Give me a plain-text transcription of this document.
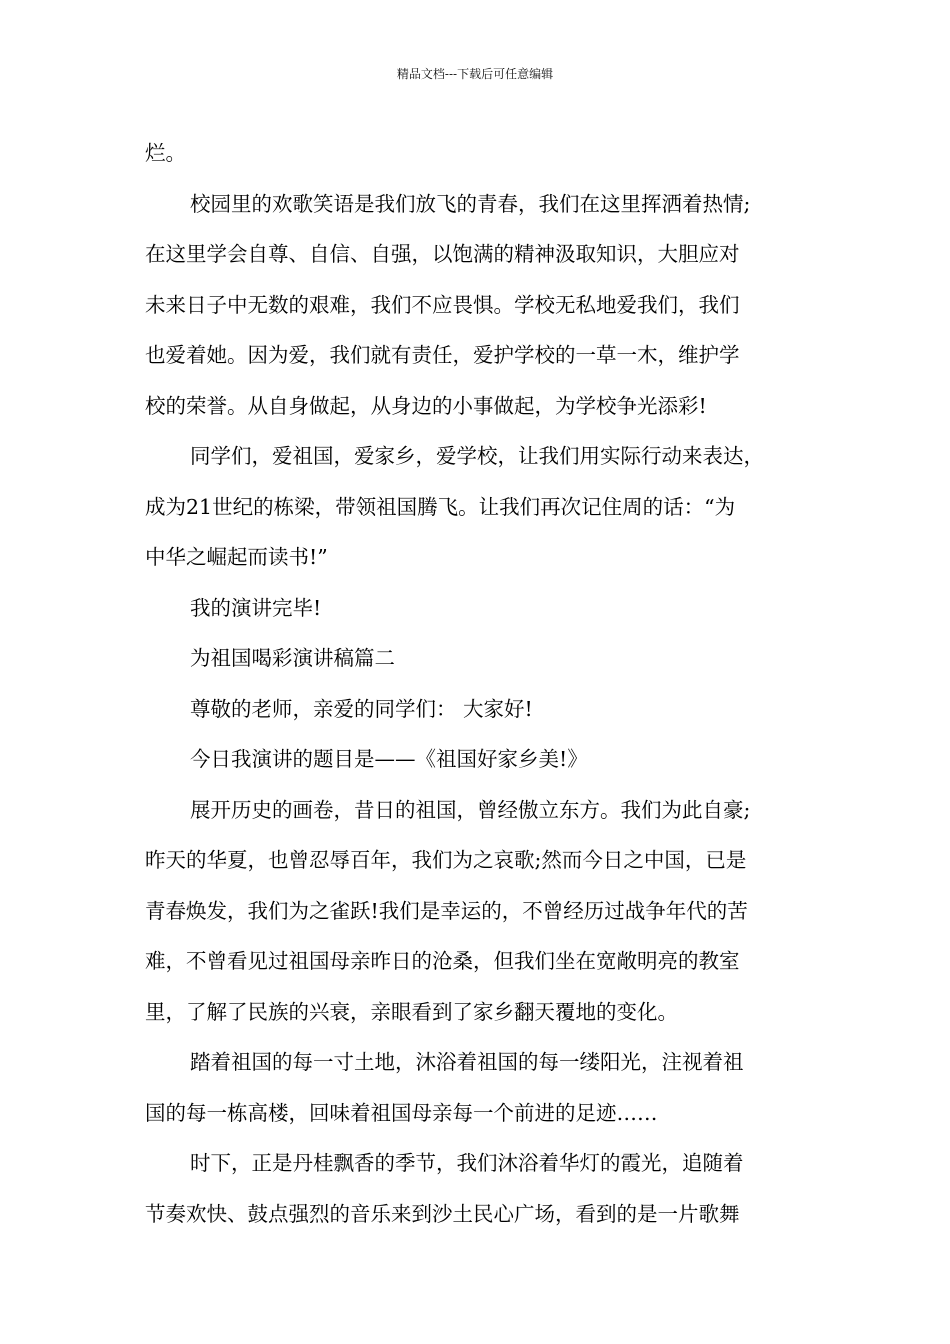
精品文档---下载后可任意编辑

烂。

校园里的欢歌笑语是我们放飞的青春，我们在这里挥洒着热情;

在这里学会自尊、自信、自强，以饱满的精神汲取知识，大胆应对

未来日子中无数的艰难，我们不应畏惧。学校无私地爱我们，我们

也爱着她。因为爱，我们就有责任，爱护学校的一草一木，维护学

校的荣誉。从自身做起，从身边的小事做起，为学校争光添彩!

同学们，爱祖国，爱家乡，爱学校，让我们用实际行动来表达，

成为21世纪的栋梁，带领祖国腾飞。让我们再次记住周的话：“为

中华之崛起而读书!”

我的演讲完毕!

为祖国喝彩演讲稿篇二

尊敬的老师，亲爱的同学们： 大家好!

今日我演讲的题目是——《祖国好家乡美!》

展开历史的画卷，昔日的祖国，曾经傲立东方。我们为此自豪;

昨天的华夏，也曾忍辱百年，我们为之哀歌;然而今日之中国，已是

青春焕发，我们为之雀跃!我们是幸运的，不曾经历过战争年代的苦

难，不曾看见过祖国母亲昨日的沧桑，但我们坐在宽敞明亮的教室

里，了解了民族的兴衰，亲眼看到了家乡翻天覆地的变化。

踏着祖国的每一寸土地，沐浴着祖国的每一缕阳光，注视着祖

国的每一栋高楼，回味着祖国母亲每一个前进的足迹……

时下，正是丹桂飘香的季节，我们沐浴着华灯的霞光，追随着

节奏欢快、鼓点强烈的音乐来到沙土民心广场，看到的是一片歌舞
